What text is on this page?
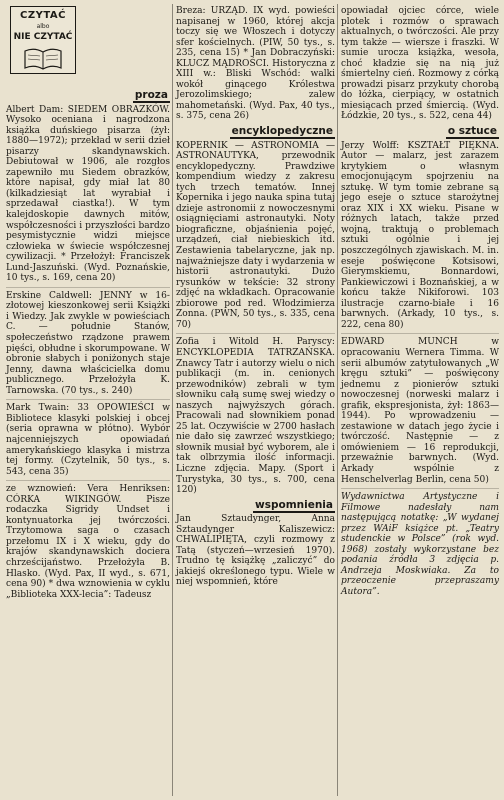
CZYTAĆ
albo
NIE CZYTAĆ
proza

Albert Dam: SIEDEM OBRAZKÓW. Wysoko oceniana i nagrodzona książka duńskiego pisarza (żył: 1880—1972); przekład w serii dzieł pisarzy skandynawskich. Debiutował w 1906, ale rozgłos zapewniło mu Siedem obrazków, które napisał, gdy miał lat 80 (kilkadziesiąt lat wyrabiał i sprzedawał ciastka!). W tym kalejdoskopie dawnych mitów, współczesności i przyszłości bardzo pesymistycznie widzi miejsce człowieka w świecie współczesnej cywilizacji. * Przełożył: Franciszek Lund-Jaszuński. (Wyd. Poznańskie, 10 tys., s. 169, cena 20)

Erskine Caldwell: JENNY w 16-złotowej kieszonkowej serii Książki i Wiedzy. Jak zwykle w powieściach C. — południe Stanów, społeczeństwo rządzone prawem pięści, obłudne i skorumpowane. W obronie słabych i poniżonych staje Jenny, dawna właścicielka domu publicznego. Przełożyła K. Tarnowska. (70 tys., s. 240)

Mark Twain: 33 OPOWIEŚCI w Bibliotece klasyki polskiej i obcej (seria oprawna w płótno). Wybór najcenniejszych opowiadań amerykańskiego klasyka i mistrza tej formy. (Czytelnik, 50 tys., s. 543, cena 35)

ze wznowień: Vera Henriksen: CÓRKA WIKINGÓW. Pisze rodaczka Sigridy Undset i kontynuatorka jej twórczości. Trzytomowa saga o czasach przełomu IX i X wieku, gdy do krajów skandynawskich dociera chrześcijaństwo. Przełożyła B. Hlasko. (Wyd. Pax, II wyd., s. 671, cena 90) * dwa wznowienia w cyklu „Biblioteka XXX-lecia”: Tadeusz

Breza: URZĄD. IX wyd. powieści napisanej w 1960, której akcja toczy się we Włoszech i dotyczy sfer kościelnych. (PIW, 50 tys., s. 235, cena 15) * Jan Dobraczyński: KLUCZ MĄDROŚCI. Historyczna z XIII w.: Bliski Wschód: walki wokół ginącego Królestwa Jerozolimskiego; zalew mahometański. (Wyd. Pax, 40 tys., s. 375, cena 26)

encyklopedyczne

KOPERNIK — ASTRONOMIA — ASTRONAUTYKA, przewodnik encyklopedyczny. Prawdziwe kompendium wiedzy z zakresu tych trzech tematów. Innej Kopernika i jego nauka spina tutaj dzieje astronomii z nowoczesnymi osiągnięciami astronautyki. Noty biograficzne, objaśnienia pojęć, urządzeń, ciał niebieskich itd. Zestawienia tabelaryczne, jak np. najważniejsze daty i wydarzenia w historii astronautyki. Dużo rysunków w tekście: 32 strony zdjęć na wkładkach. Opracowanie zbiorowe pod red. Włodzimierza Zonna. (PWN, 50 tys., s. 335, cena 70)

Zofia i Witold H. Paryscy: ENCYKLOPEDIA TATRZAŃSKA. Znawcy Tatr i autorzy wielu o nich publikacji (m. in. cenionych przewodników) zebrali w tym słowniku całą sumę swej wiedzy o naszych najwyższych górach. Pracowali nad słownikiem ponad 25 lat. Oczywiście w 2700 hasłach nie dało się zawrzeć wszystkiego; słownik musiał być wyborem, ale i tak olbrzymia ilość informacji. Liczne zdjęcia. Mapy. (Sport i Turystyka, 30 tys., s. 700, cena 120)

wspomnienia

Jan Sztaudynger, Anna Sztaudynger Kaliszewicz: CHWALIPIĘTA, czyli rozmowy z Tatą (styczeń—wrzesień 1970). Trudno tę książkę „zaliczyć” do jakiejś określonego typu. Wiele w niej wspomnień, które

opowiadał ojciec córce, wiele plotek i rozmów o sprawach aktualnych, o twórczości. Ale przy tym także — wiersze i fraszki. W sumie urocza książka, wesoła, choć kładzie się na nią już śmiertelny cień. Rozmowy z córką prowadzi pisarz przykuty chorobą do łóżka, cierpiący, w ostatnich miesiącach przed śmiercią. (Wyd. Łódzkie, 20 tys., s. 522, cena 44)

o sztuce

Jerzy Wolff: KSZTAŁT PIĘKNA. Autor — malarz, jest zarazem krytykiem o własnym emocjonującym spojrzeniu na sztukę. W tym tomie zebrane są jego eseje o sztuce starożytnej oraz XIX i XX wieku. Pisane w różnych latach, także przed wojną, traktują o problemach sztuki ogólnie i jej poszczególnych zjawiskach. M. in. eseje poświęcone Kotsisowi, Gierymskiemu, Bonnardowi, Pankiewiczowi i Boznańskiej, a w końcu także Nikiforowi. 103 ilustracje czarno-białe i 16 barwnych. (Arkady, 10 tys., s. 222, cena 80)

EDWARD MUNCH w opracowaniu Wernera Timma. W serii albumów zatytułowanych „W kręgu sztuki” — poświęcony jednemu z pionierów sztuki nowoczesnej (norweski malarz i grafik, ekspresjonista, żył: 1863—1944). Po wprowadzeniu — zestawione w datach jego życie i twórczość. Następnie — z omówieniem — 16 reprodukcji, przeważnie barwnych. (Wyd. Arkady wspólnie z Henschelverlag Berlin, cena 50)

Wydawnictwa Artystyczne i Filmowe nadesłały nam następującą notatkę: „W wydanej przez WAiF książce pt. „Teatry studenckie w Polsce” (rok wyd. 1968) zostały wykorzystane bez podania źródła 3 zdjęcia p. Andrzeja Moskwiaka. Za to przeoczenie przepraszamy Autora”.
